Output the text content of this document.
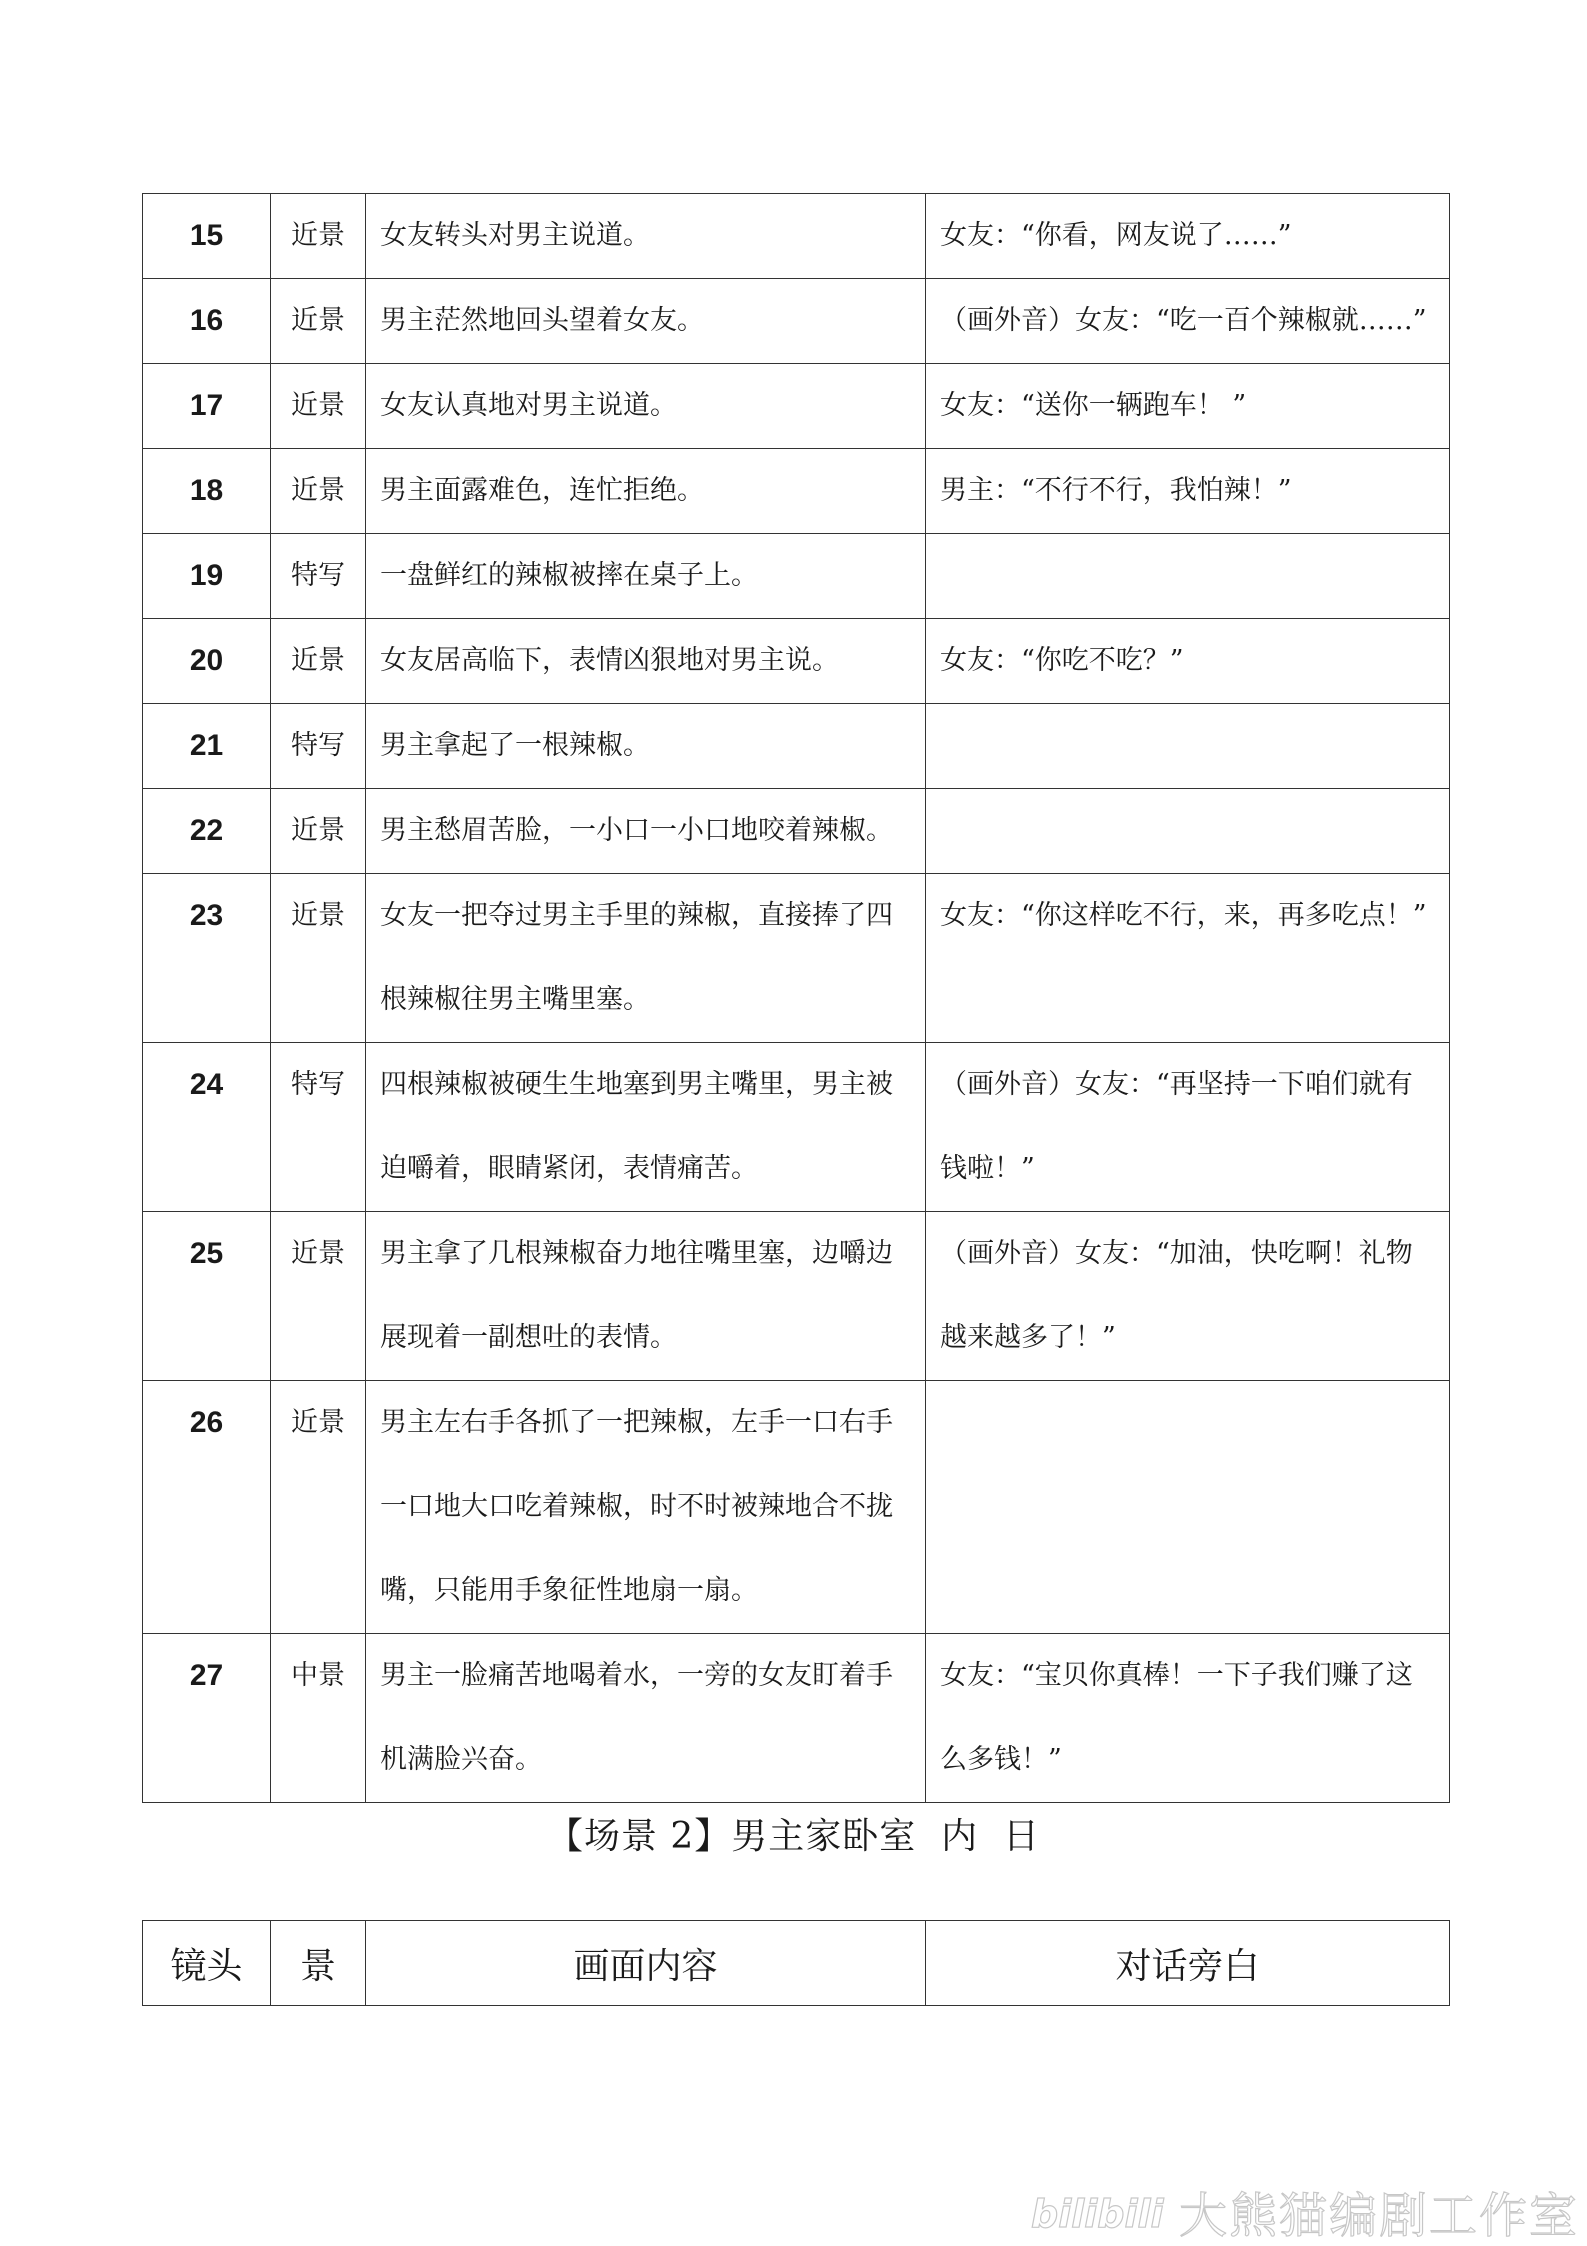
15	近景	女友转头对男主说道。	女友：“你看，网友说了……”
16	近景	男主茫然地回头望着女友。	（画外音）女友：“吃一百个辣椒就……”
17	近景	女友认真地对男主说道。	女友：“送你一辆跑车！ ”
18	近景	男主面露难色，连忙拒绝。	男主：“不行不行，我怕辣！”
19	特写	一盘鲜红的辣椒被摔在桌子上。	
20	近景	女友居高临下，表情凶狠地对男主说。	女友：“你吃不吃？”
21	特写	男主拿起了一根辣椒。	
22	近景	男主愁眉苦脸，一小口一小口地咬着辣椒。	
23	近景	女友一把夺过男主手里的辣椒，直接捧了四根辣椒往男主嘴里塞。	女友：“你这样吃不行，来，再多吃点！”
24	特写	四根辣椒被硬生生地塞到男主嘴里，男主被迫嚼着，眼睛紧闭，表情痛苦。	（画外音）女友：“再坚持一下咱们就有
钱啦！”
25	近景	男主拿了几根辣椒奋力地往嘴里塞，边嚼边展现着一副想吐的表情。	（画外音）女友：“加油，快吃啊！礼物
越来越多了！”
26	近景	男主左右手各抓了一把辣椒，左手一口右手一口地大口吃着辣椒，时不时被辣地合不拢嘴，只能用手象征性地扇一扇。	
27	中景	男主一脸痛苦地喝着水，一旁的女友盯着手机满脸兴奋。	女友：“宝贝你真棒！一下子我们赚了这
么多钱！”
【场景 2】男主家卧室  内  日
镜头	景	画面内容	对话旁白
bilibili 大熊猫编剧工作室
